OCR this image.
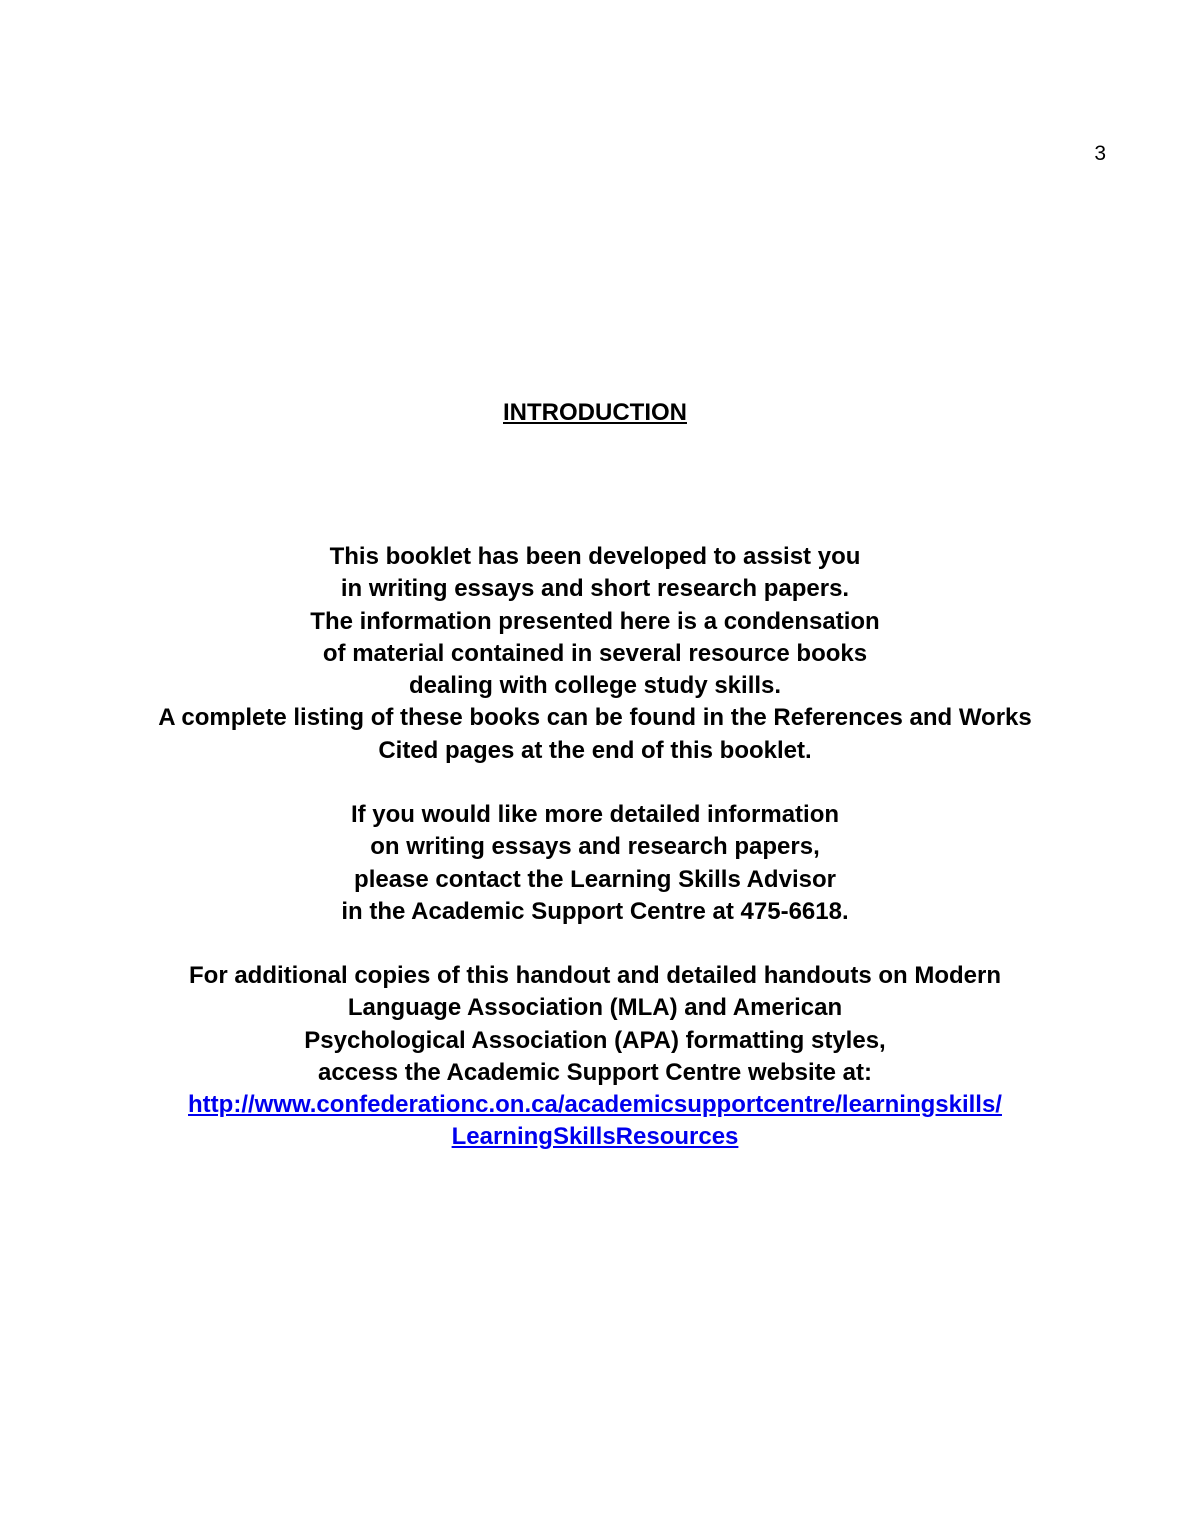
3
INTRODUCTION
This booklet has been developed to assist you
in writing essays and short research papers.
The information presented here is a condensation
of material contained in several resource books
dealing with college study skills.
A complete listing of these books can be found in the References and Works
Cited pages at the end of this booklet.
If you would like more detailed information
on writing essays and research papers,
please contact the Learning Skills Advisor
in the Academic Support Centre at 475-6618.
For additional copies of this handout and detailed handouts on Modern
Language Association (MLA) and American
Psychological Association (APA) formatting styles,
access the Academic Support Centre website at:
http://www.confederationc.on.ca/academicsupportcentre/learningskills/
LearningSkillsResources
